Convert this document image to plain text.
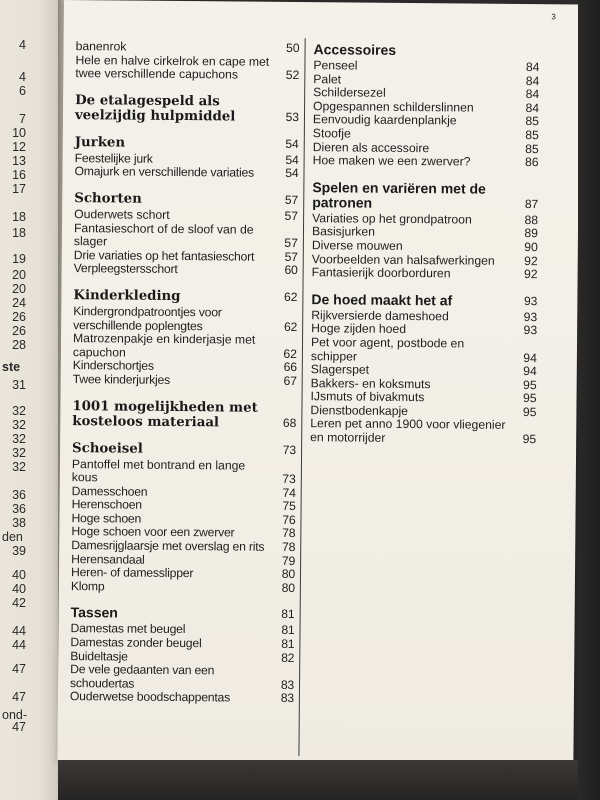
4
4
6
7
10
12
13
16
17
18
18
19
20
20
24
26
26
28
ste
31
32
32
32
32
32
36
36
38
den
39
40
40
42
44
44
47
47
ond-
47
3
banenrok	50
Hele en halve cirkelrok en cape met twee verschillende capuchons	52
De etalagespeld als veelzijdig hulpmiddel	53
Jurken	54
Feestelijke jurk	54
Omajurk en verschillende variaties	54
Schorten	57
Ouderwets schort	57
Fantasieschort of de sloof van de slager	57
Drie variaties op het fantasieschort	57
Verpleegstersschort	60
Kinderkleding	62
Kindergrondpatroontjes voor verschillende poplengtes	62
Matrozenpakje en kinderjasje met capuchon	62
Kinderschortjes	66
Twee kinderjurkjes	67
1001 mogelijkheden met kosteloos materiaal	68
Schoeisel	73
Pantoffel met bontrand en lange kous	73
Damesschoen	74
Herenschoen	75
Hoge schoen	76
Hoge schoen voor een zwerver	78
Damesrijglaarsje met overslag en rits 78
Herensandaal	79
Heren- of damesslipper	80
Klomp	80
Tassen	81
Damestas met beugel	81
Damestas zonder beugel	81
Buideltasje	82
De vele gedaanten van een schoudertas	83
Ouderwetse boodschappentas	83
Accessoires
Penseel	84
Palet	84
Schildersezel	84
Opgespannen schilderslinnen	84
Eenvoudig kaardenplankje	85
Stoofje	85
Dieren als accessoire	85
Hoe maken we een zwerver?	86
Spelen en variëren met de patronen	87
Variaties op het grondpatroon	88
Basisjurken	89
Diverse mouwen	90
Voorbeelden van halsafwerkingen	92
Fantasierijk doorborduren	92
De hoed maakt het af	93
Rijkversierde dameshoed	93
Hoge zijden hoed	93
Pet voor agent, postbode en schipper	94
Slagerspet	94
Bakkers- en koksmuts	95
IJsmuts of bivakmuts	95
Dienstbodenkapje	95
Leren pet anno 1900 voor vliegenier en motorrijder	95
